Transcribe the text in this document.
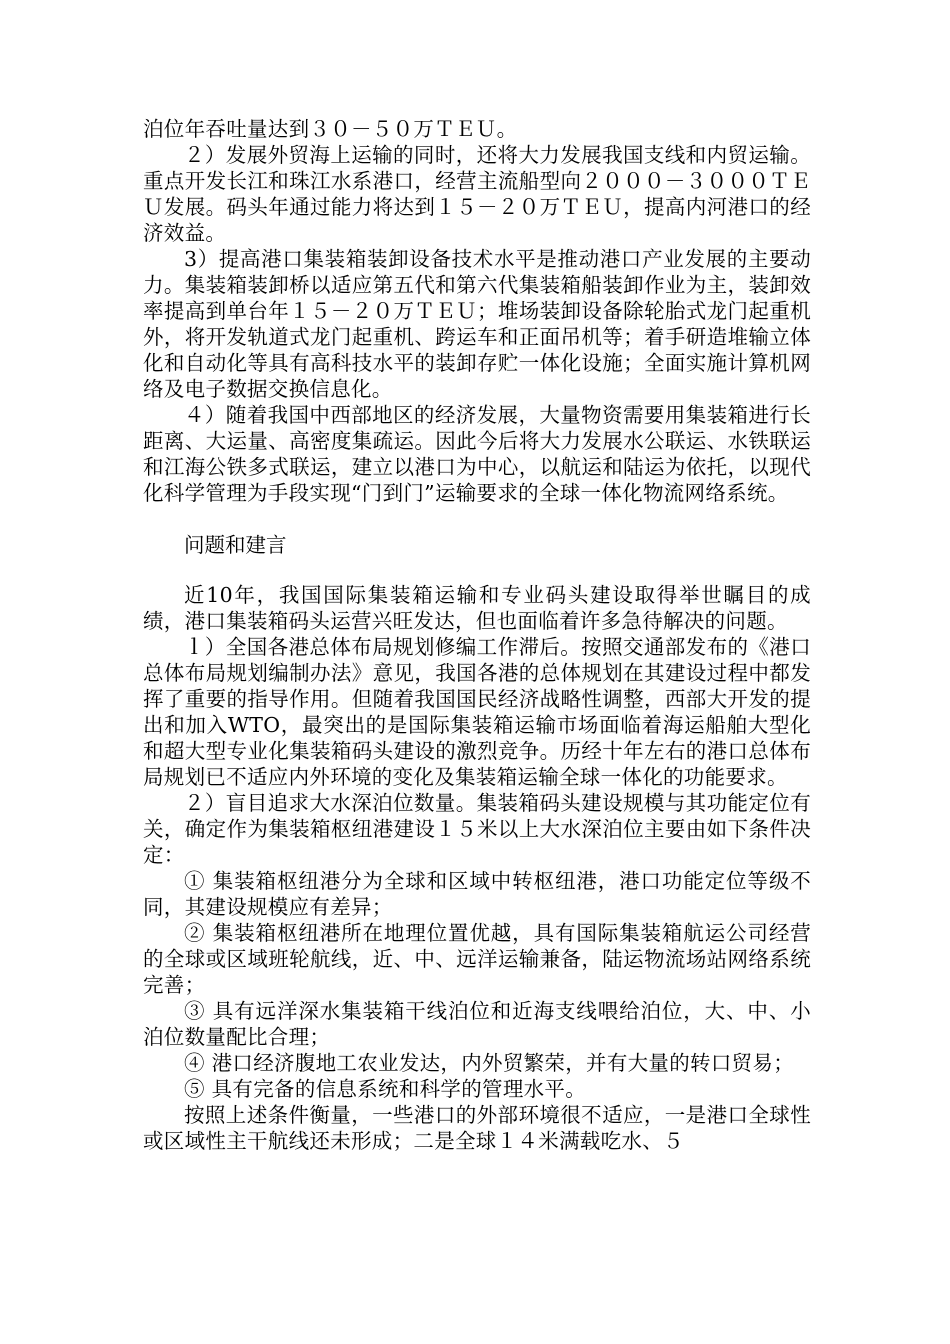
泊位年吞吐量达到３０－５０万ＴＥＵ。

２）发展外贸海上运输的同时，还将大力发展我国支线和内贸运输。重点开发长江和珠江水系港口，经营主流船型向２０００－３０００ＴＥＵ发展。码头年通过能力将达到１５－２０万ＴＥＵ，提高内河港口的经济效益。

3）提高港口集装箱装卸设备技术水平是推动港口产业发展的主要动力。集装箱装卸桥以适应第五代和第六代集装箱船装卸作业为主，装卸效率提高到单台年１５－２０万ＴＥＵ；堆场装卸设备除轮胎式龙门起重机外，将开发轨道式龙门起重机、跨运车和正面吊机等；着手研造堆输立体化和自动化等具有高科技水平的装卸存贮一体化设施；全面实施计算机网络及电子数据交换信息化。

４）随着我国中西部地区的经济发展，大量物资需要用集装箱进行长距离、大运量、高密度集疏运。因此今后将大力发展水公联运、水铁联运和江海公铁多式联运，建立以港口为中心，以航运和陆运为依托，以现代化科学管理为手段实现“门到门”运输要求的全球一体化物流网络系统。

问题和建言

近10年，我国国际集装箱运输和专业码头建设取得举世瞩目的成绩，港口集装箱码头运营兴旺发达，但也面临着许多急待解决的问题。

ｌ）全国各港总体布局规划修编工作滞后。按照交通部发布的《港口总体布局规划编制办法》意见，我国各港的总体规划在其建设过程中都发挥了重要的指导作用。但随着我国国民经济战略性调整，西部大开发的提出和加入WTO，最突出的是国际集装箱运输市场面临着海运船舶大型化和超大型专业化集装箱码头建设的激烈竞争。历经十年左右的港口总体布局规划已不适应内外环境的变化及集装箱运输全球一体化的功能要求。

２）盲目追求大水深泊位数量。集装箱码头建设规模与其功能定位有关，确定作为集装箱枢纽港建设１５米以上大水深泊位主要由如下条件决定：

① 集装箱枢纽港分为全球和区域中转枢纽港，港口功能定位等级不同，其建设规模应有差异；

② 集装箱枢纽港所在地理位置优越，具有国际集装箱航运公司经营的全球或区域班轮航线，近、中、远洋运输兼备，陆运物流场站网络系统完善；

③ 具有远洋深水集装箱干线泊位和近海支线喂给泊位，大、中、小泊位数量配比合理；

④ 港口经济腹地工农业发达，内外贸繁荣，并有大量的转口贸易；

⑤ 具有完备的信息系统和科学的管理水平。

按照上述条件衡量，一些港口的外部环境很不适应，一是港口全球性或区域性主干航线还未形成；二是全球１４米满载吃水、５
